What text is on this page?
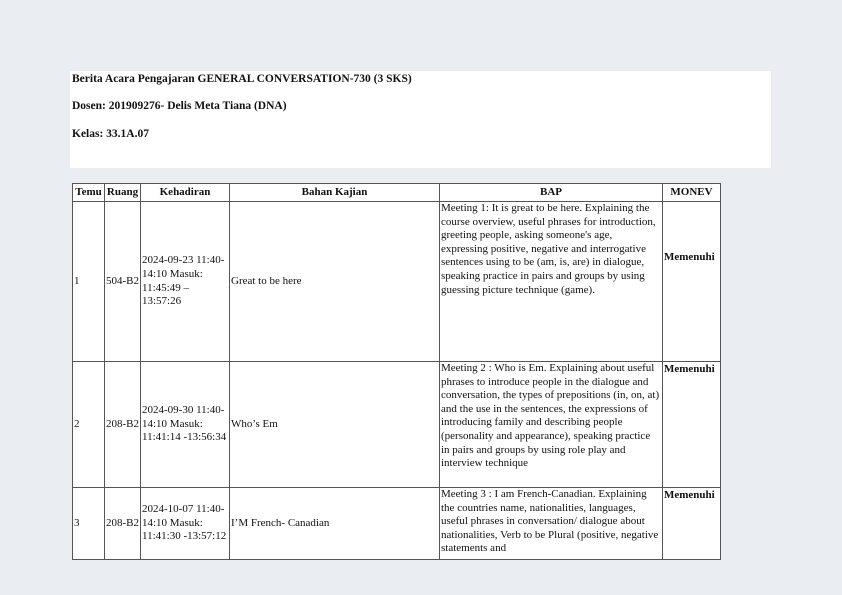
Berita Acara Pengajaran GENERAL CONVERSATION-730 (3 SKS)
Dosen: 201909276- Delis Meta Tiana (DNA)
Kelas: 33.1A.07
Temu	Ruang	Kehadiran	Bahan Kajian	BAP	MONEV
1	504-B2	2024-09-23 11:40-14:10 Masuk: 11:45:49 – 13:57:26	Great to be here	Meeting 1: It is great to be here. Explaining the course overview, useful phrases for introduction, greeting people, asking someone's age, expressing positive, negative and interrogative sentences using to be (am, is, are) in dialogue, speaking practice in pairs and groups by using guessing picture technique (game).	Memenuhi
2	208-B2	2024-09-30 11:40-14:10 Masuk: 11:41:14 -13:56:34	Who’s Em	Meeting 2 : Who is Em. Explaining about useful phrases to introduce people in the dialogue and conversation, the types of prepositions (in, on, at) and the use in the sentences, the expressions of introducing family and describing people (personality and appearance), speaking practice in pairs and groups by using role play and interview technique	Memenuhi
3	208-B2	2024-10-07 11:40-14:10 Masuk: 11:41:30 -13:57:12	I’M French- Canadian	Meeting 3 : I am French-Canadian. Explaining the countries name, nationalities, languages, useful phrases in conversation/ dialogue about nationalities, Verb to be Plural (positive, negative statements and	Memenuhi
